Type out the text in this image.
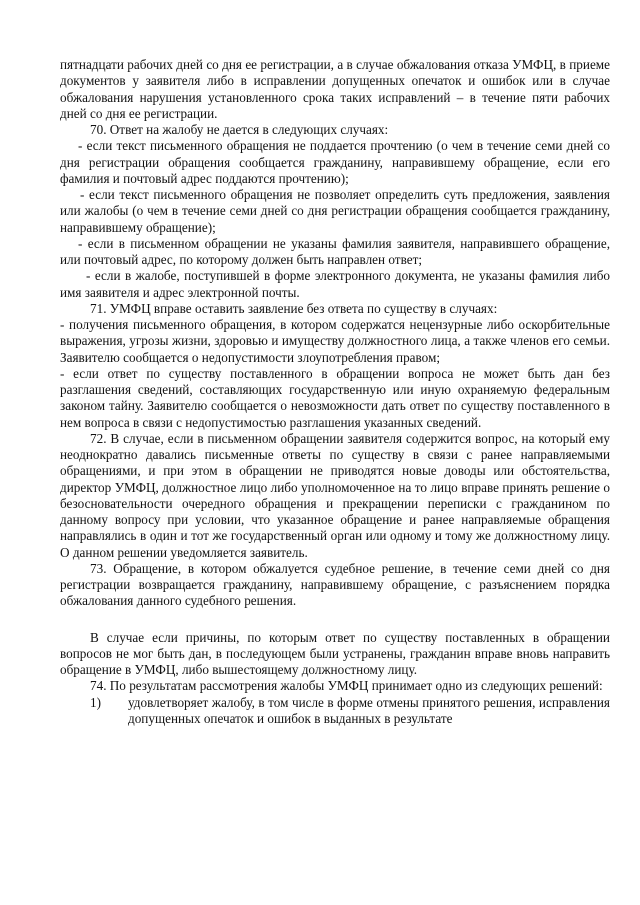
пятнадцати рабочих дней со дня ее регистрации, а в случае обжалования отказа УМФЦ, в приеме документов у заявителя либо в исправлении допущенных опечаток и ошибок или в случае обжалования нарушения установленного срока таких исправлений – в течение пяти рабочих дней со дня ее регистрации.

70. Ответ на жалобу не дается в следующих случаях:

- если текст письменного обращения не поддается прочтению (о чем в течение семи дней со дня регистрации обращения сообщается гражданину, направившему обращение, если его фамилия и почтовый адрес поддаются прочтению);

- если текст письменного обращения не позволяет определить суть предложения, заявления или жалобы (о чем в течение семи дней со дня регистрации обращения сообщается гражданину, направившему обращение);

- если в письменном обращении не указаны фамилия заявителя, направившего обращение, или почтовый адрес, по которому должен быть направлен ответ;

- если в жалобе, поступившей в форме электронного документа, не указаны фамилия либо имя заявителя и адрес электронной почты.

71. УМФЦ вправе оставить заявление без ответа по существу в случаях:

- получения письменного обращения, в котором содержатся нецензурные либо оскорбительные выражения, угрозы жизни, здоровью и имуществу должностного лица, а также членов его семьи. Заявителю сообщается о недопустимости злоупотребления правом;

- если ответ по существу поставленного в обращении вопроса не может быть дан без разглашения сведений, составляющих государственную или иную охраняемую федеральным законом тайну. Заявителю сообщается о невозможности дать ответ по существу поставленного в нем вопроса в связи с недопустимостью разглашения указанных сведений.

72. В случае, если в письменном обращении заявителя содержится вопрос, на который ему неоднократно давались письменные ответы по существу в связи с ранее направляемыми обращениями, и при этом в обращении не приводятся новые доводы или обстоятельства, директор УМФЦ, должностное лицо либо уполномоченное на то лицо вправе принять решение о безосновательности очередного обращения и прекращении переписки с гражданином по данному вопросу при условии, что указанное обращение и ранее направляемые обращения направлялись в один и тот же государственный орган или одному и тому же должностному лицу. О данном решении уведомляется заявитель.

73. Обращение, в котором обжалуется судебное решение, в течение семи дней со дня регистрации возвращается гражданину, направившему обращение, с разъяснением порядка обжалования данного судебного решения.

В случае если причины, по которым ответ по существу поставленных в обращении вопросов не мог быть дан, в последующем были устранены, гражданин вправе вновь направить обращение в УМФЦ, либо вышестоящему должностному лицу.

74. По результатам рассмотрения жалобы УМФЦ принимает одно из следующих решений:

1)	удовлетворяет жалобу, в том числе в форме отмены принятого решения, исправления допущенных опечаток и ошибок в выданных в результате
